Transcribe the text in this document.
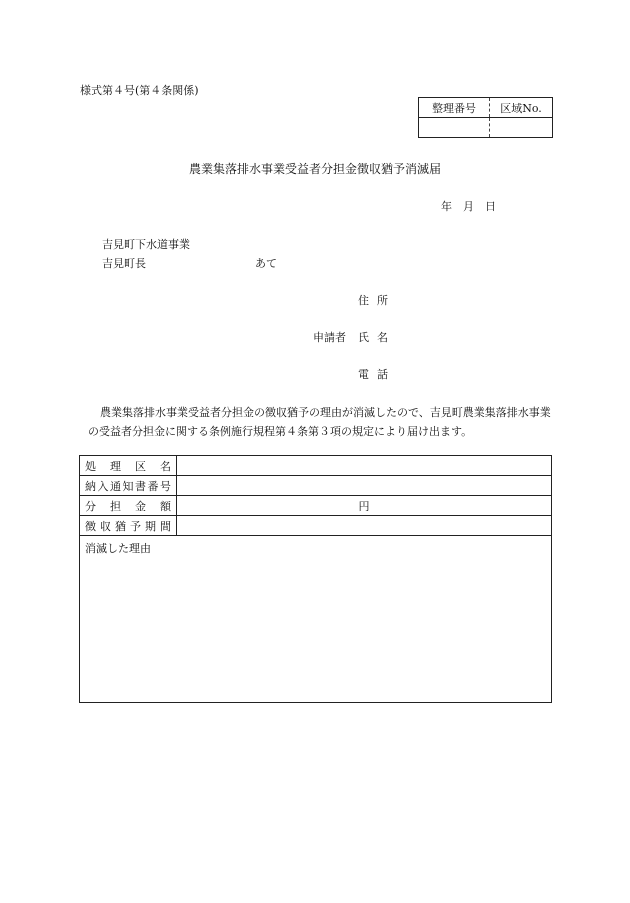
様式第４号(第４条関係)
整理番号	区域No.

農業集落排水事業受益者分担金徴収猶予消滅届
年　月　日
吉見町下水道事業
吉見町長	あて
住所
申請者 氏名
電話
農業集落排水事業受益者分担金の徴収猶予の理由が消滅したので、吉見町農業集落排水事業の受益者分担金に関する条例施行規程第４条第３項の規定により届け出ます。
処理区名	
納入通知書番号	
分担金額	円
徴収猶予期間	
消滅した理由	
